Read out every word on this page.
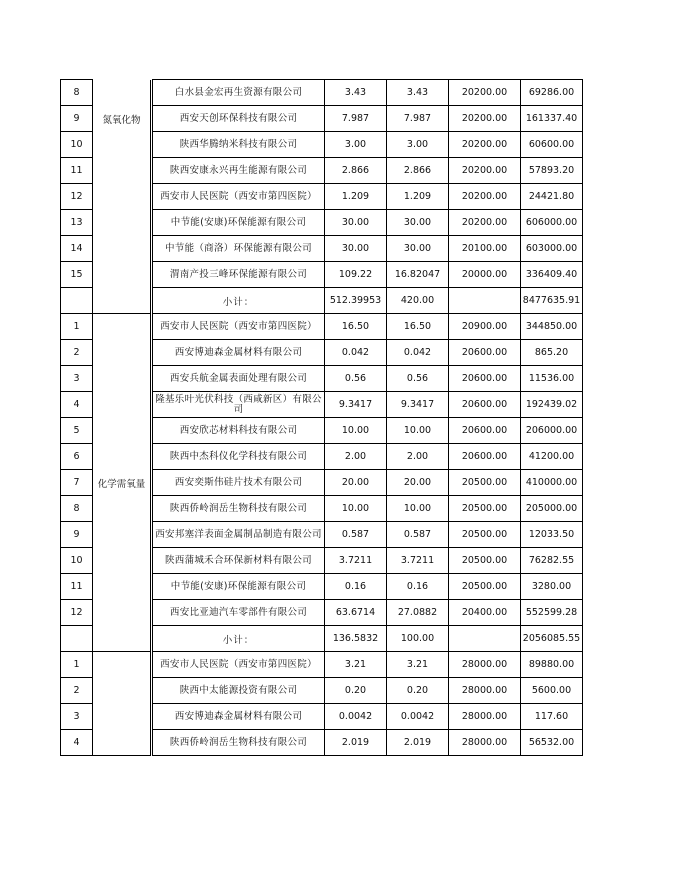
8			白水县金宏再生资源有限公司	3.43	3.43	20200.00	69286.00
9	氮氧化物		西安天创环保科技有限公司	7.987	7.987	20200.00	161337.40
10			陕西华腾纳米科技有限公司	3.00	3.00	20200.00	60600.00
11			陕西安康永兴再生能源有限公司	2.866	2.866	20200.00	57893.20
12			西安市人民医院（西安市第四医院）	1.209	1.209	20200.00	24421.80
13			中节能(安康)环保能源有限公司	30.00	30.00	20200.00	606000.00
14			中节能（商洛）环保能源有限公司	30.00	30.00	20100.00	603000.00
15			渭南产投三峰环保能源有限公司	109.22	16.82047	20000.00	336409.40
			小计：	512.39953	420.00		8477635.91
1			西安市人民医院（西安市第四医院）	16.50	16.50	20900.00	344850.00
2			西安博迪森金属材料有限公司	0.042	0.042	20600.00	865.20
3			西安兵航金属表面处理有限公司	0.56	0.56	20600.00	11536.00
4			隆基乐叶光伏科技（西咸新区）有限公司	9.3417	9.3417	20600.00	192439.02
5			西安欣芯材料科技有限公司	10.00	10.00	20600.00	206000.00
6			陕西中杰科仪化学科技有限公司	2.00	2.00	20600.00	41200.00
7	化学需氧量		西安奕斯伟硅片技术有限公司	20.00	20.00	20500.00	410000.00
8			陕西侨岭润岳生物科技有限公司	10.00	10.00	20500.00	205000.00
9			西安邦塞洋表面金属制品制造有限公司	0.587	0.587	20500.00	12033.50
10			陕西蒲城禾合环保新材料有限公司	3.7211	3.7211	20500.00	76282.55
11			中节能(安康)环保能源有限公司	0.16	0.16	20500.00	3280.00
12			西安比亚迪汽车零部件有限公司	63.6714	27.0882	20400.00	552599.28
			小计：	136.5832	100.00		2056085.55
1			西安市人民医院（西安市第四医院）	3.21	3.21	28000.00	89880.00
2			陕西中太能源投资有限公司	0.20	0.20	28000.00	5600.00
3			西安博迪森金属材料有限公司	0.0042	0.0042	28000.00	117.60
4			陕西侨岭润岳生物科技有限公司	2.019	2.019	28000.00	56532.00
